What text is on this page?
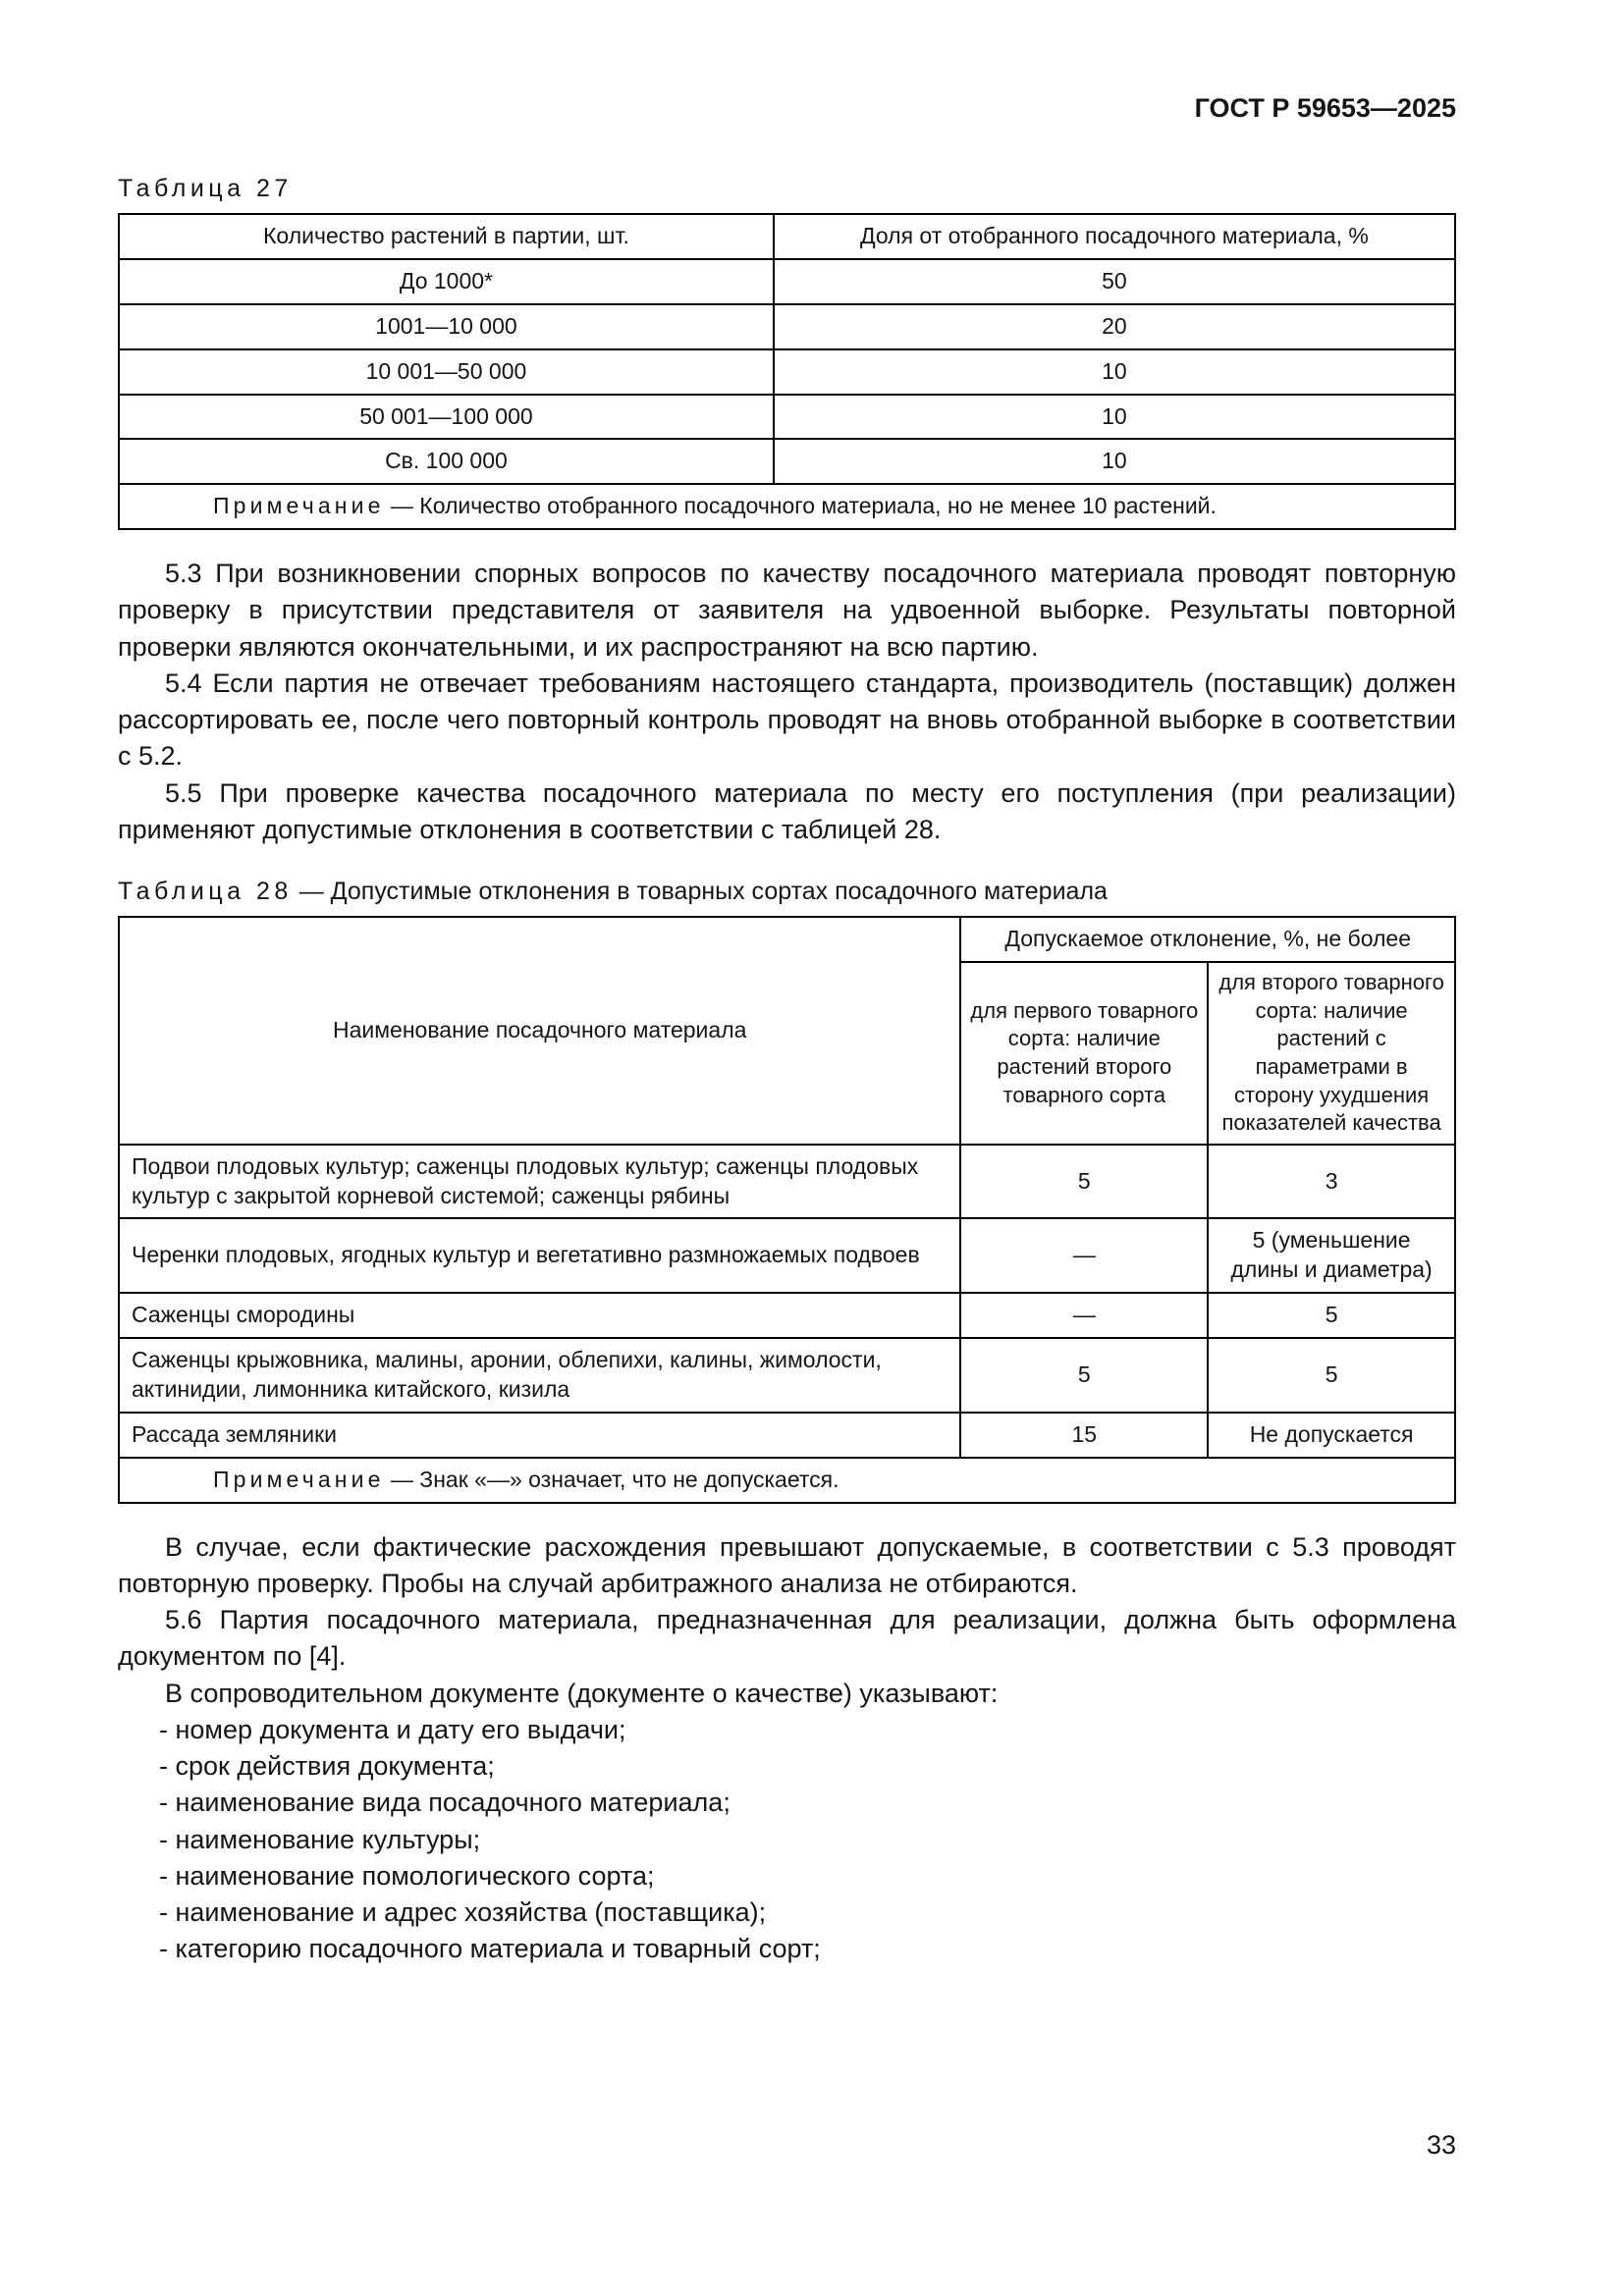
ГОСТ Р 59653—2025
Таблица 27
Количество растений в партии, шт.	Доля от отобранного посадочного материала, %
До 1000*	50
1001—10 000	20
10 001—50 000	10
50 001—100 000	10
Св. 100 000	10
Примечание — Количество отобранного посадочного материала, но не менее 10 растений.	

5.3 При возникновении спорных вопросов по качеству посадочного материала проводят повторную проверку в присутствии представителя от заявителя на удвоенной выборке. Результаты повторной проверки являются окончательными, и их распространяют на всю партию.

5.4 Если партия не отвечает требованиям настоящего стандарта, производитель (поставщик) должен рассортировать ее, после чего повторный контроль проводят на вновь отобранной выборке в соответствии с 5.2.

5.5 При проверке качества посадочного материала по месту его поступления (при реализации) применяют допустимые отклонения в соответствии с таблицей 28.

Таблица 28 — Допустимые отклонения в товарных сортах посадочного материала
Наименование посадочного материала	Допускаемое отклонение, %, не более	
	для первого товарного сорта: наличие растений второго товарного сорта	для второго товарного сорта: наличие растений с параметрами в сторону ухудшения показателей качества
Подвои плодовых культур; саженцы плодовых культур; саженцы плодовых культур с закрытой корневой системой; саженцы рябины	5	3
Черенки плодовых, ягодных культур и вегетативно размножаемых подвоев	—	5 (уменьшение длины и диаметра)
Саженцы смородины	—	5
Саженцы крыжовника, малины, аронии, облепихи, калины, жимолости, актинидии, лимонника китайского, кизила	5	5
Рассада земляники	15	Не допускается
Примечание — Знак «—» означает, что не допускается.		

В случае, если фактические расхождения превышают допускаемые, в соответствии с 5.3 проводят повторную проверку. Пробы на случай арбитражного анализа не отбираются.

5.6 Партия посадочного материала, предназначенная для реализации, должна быть оформлена документом по [4].

В сопроводительном документе (документе о качестве) указывают:

- номер документа и дату его выдачи;
- срок действия документа;
- наименование вида посадочного материала;
- наименование культуры;
- наименование помологического сорта;
- наименование и адрес хозяйства (поставщика);
- категорию посадочного материала и товарный сорт;
33
